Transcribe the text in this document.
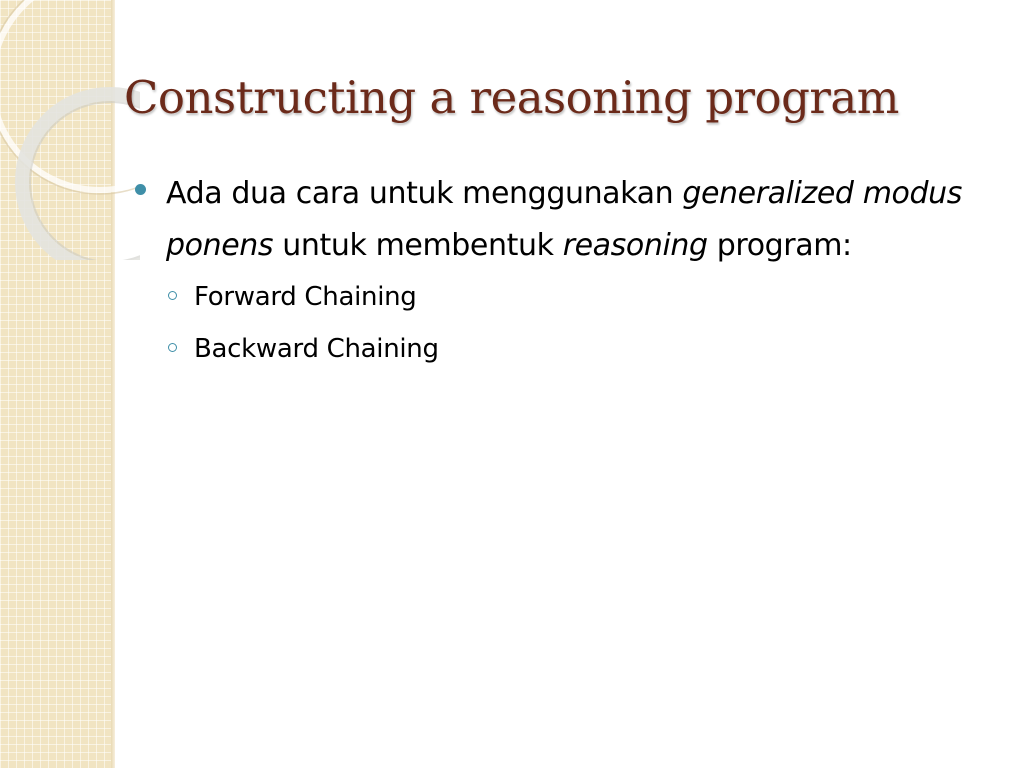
Constructing a reasoning program

Ada dua cara untuk menggunakan generalized modus ponens untuk membentuk reasoning program:

Forward Chaining
Backward Chaining
